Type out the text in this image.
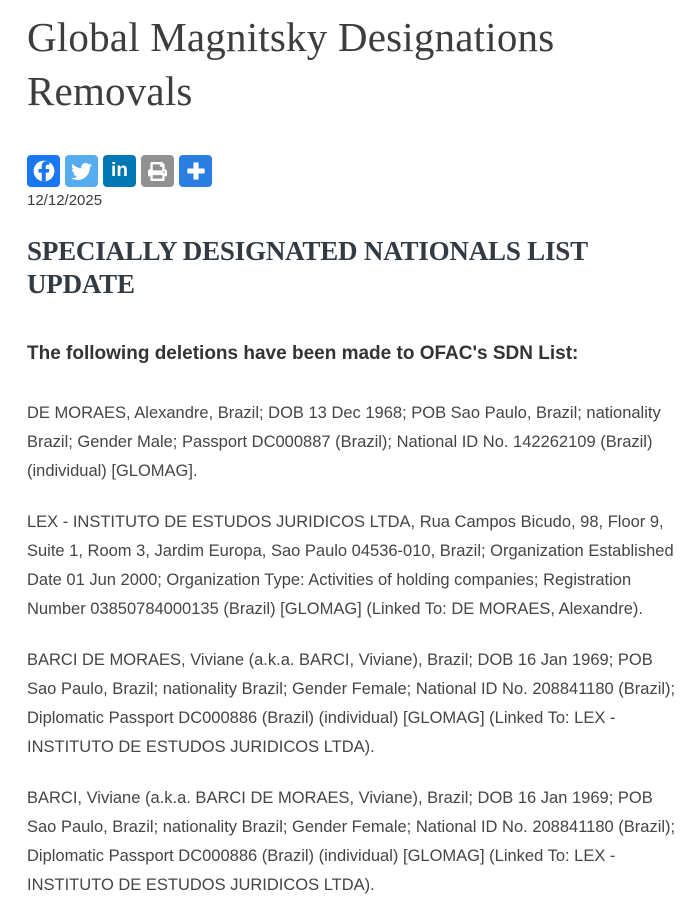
Global Magnitsky Designations Removals
in
12/12/2025
SPECIALLY DESIGNATED NATIONALS LIST UPDATE

The following deletions have been made to OFAC's SDN List:

DE MORAES, Alexandre, Brazil; DOB 13 Dec 1968; POB Sao Paulo, Brazil; nationality Brazil; Gender Male; Passport DC000887 (Brazil); National ID No. 142262109 (Brazil) (individual) [GLOMAG].

LEX - INSTITUTO DE ESTUDOS JURIDICOS LTDA, Rua Campos Bicudo, 98, Floor 9, Suite 1, Room 3, Jardim Europa, Sao Paulo 04536-010, Brazil; Organization Established Date 01 Jun 2000; Organization Type: Activities of holding companies; Registration Number 03850784000135 (Brazil) [GLOMAG] (Linked To: DE MORAES, Alexandre).

BARCI DE MORAES, Viviane (a.k.a. BARCI, Viviane), Brazil; DOB 16 Jan 1969; POB Sao Paulo, Brazil; nationality Brazil; Gender Female; National ID No. 208841180 (Brazil); Diplomatic Passport DC000886 (Brazil) (individual) [GLOMAG] (Linked To: LEX - INSTITUTO DE ESTUDOS JURIDICOS LTDA).

BARCI, Viviane (a.k.a. BARCI DE MORAES, Viviane), Brazil; DOB 16 Jan 1969; POB Sao Paulo, Brazil; nationality Brazil; Gender Female; National ID No. 208841180 (Brazil); Diplomatic Passport DC000886 (Brazil) (individual) [GLOMAG] (Linked To: LEX - INSTITUTO DE ESTUDOS JURIDICOS LTDA).
